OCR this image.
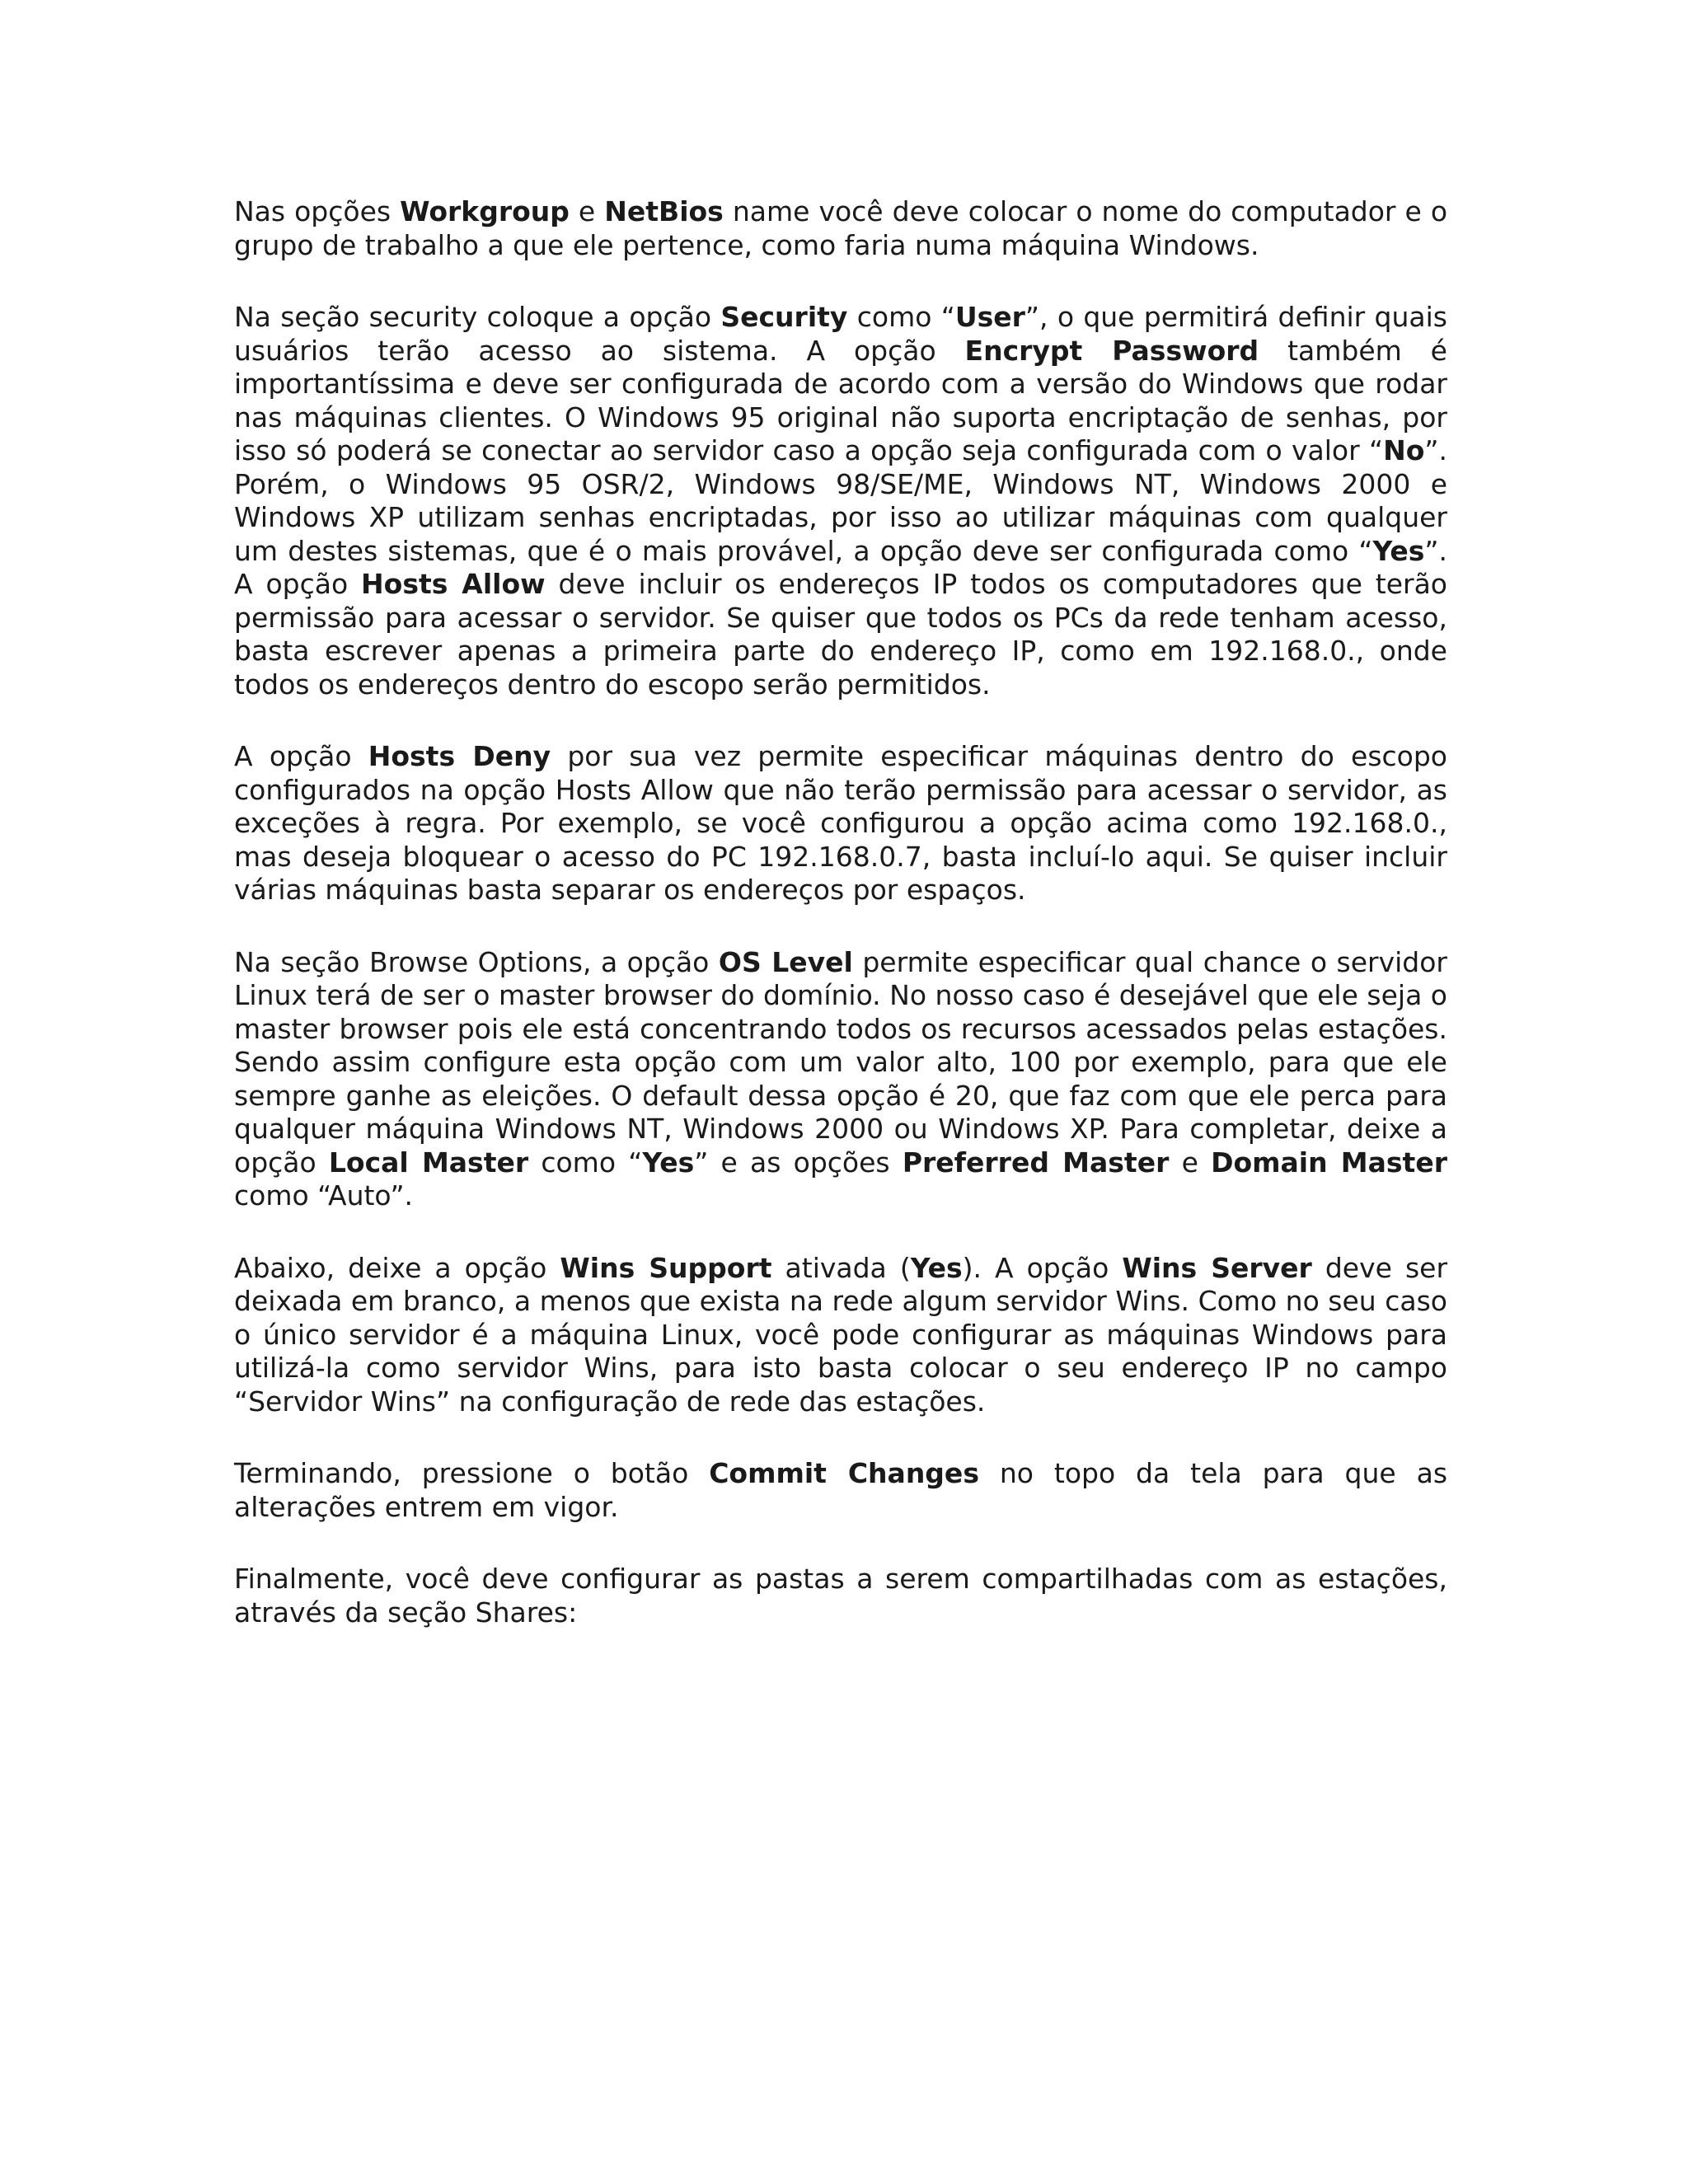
Nas opções Workgroup e NetBios name você deve colocar o nome do computador e o grupo de trabalho a que ele pertence, como faria numa máquina Windows.

Na seção security coloque a opção Security como “User”, o que permitirá definir quais usuários terão acesso ao sistema. A opção Encrypt Password também é importantíssima e deve ser configurada de acordo com a versão do Windows que rodar nas máquinas clientes. O Windows 95 original não suporta encriptação de senhas, por isso só poderá se conectar ao servidor caso a opção seja configurada com o valor “No”. Porém, o Windows 95 OSR/2, Windows 98/SE/ME, Windows NT, Windows 2000 e Windows XP utilizam senhas encriptadas, por isso ao utilizar máquinas com qualquer um destes sistemas, que é o mais provável, a opção deve ser configurada como “Yes”. A opção Hosts Allow deve incluir os endereços IP todos os computadores que terão permissão para acessar o servidor. Se quiser que todos os PCs da rede tenham acesso, basta escrever apenas a primeira parte do endereço IP, como em 192.168.0., onde todos os endereços dentro do escopo serão permitidos.

A opção Hosts Deny por sua vez permite especificar máquinas dentro do escopo configurados na opção Hosts Allow que não terão permissão para acessar o servidor, as exceções à regra. Por exemplo, se você configurou a opção acima como 192.168.0., mas deseja bloquear o acesso do PC 192.168.0.7, basta incluí-lo aqui. Se quiser incluir várias máquinas basta separar os endereços por espaços.

Na seção Browse Options, a opção OS Level permite especificar qual chance o servidor Linux terá de ser o master browser do domínio. No nosso caso é desejável que ele seja o master browser pois ele está concentrando todos os recursos acessados pelas estações. Sendo assim configure esta opção com um valor alto, 100 por exemplo, para que ele sempre ganhe as eleições. O default dessa opção é 20, que faz com que ele perca para qualquer máquina Windows NT, Windows 2000 ou Windows XP. Para completar, deixe a opção Local Master como “Yes” e as opções Preferred Master e Domain Master como “Auto”.

Abaixo, deixe a opção Wins Support ativada (Yes). A opção Wins Server deve ser deixada em branco, a menos que exista na rede algum servidor Wins. Como no seu caso o único servidor é a máquina Linux, você pode configurar as máquinas Windows para utilizá-la como servidor Wins, para isto basta colocar o seu endereço IP no campo “Servidor Wins” na configuração de rede das estações.

Terminando, pressione o botão Commit Changes no topo da tela para que as alterações entrem em vigor.

Finalmente, você deve configurar as pastas a serem compartilhadas com as estações, através da seção Shares:
